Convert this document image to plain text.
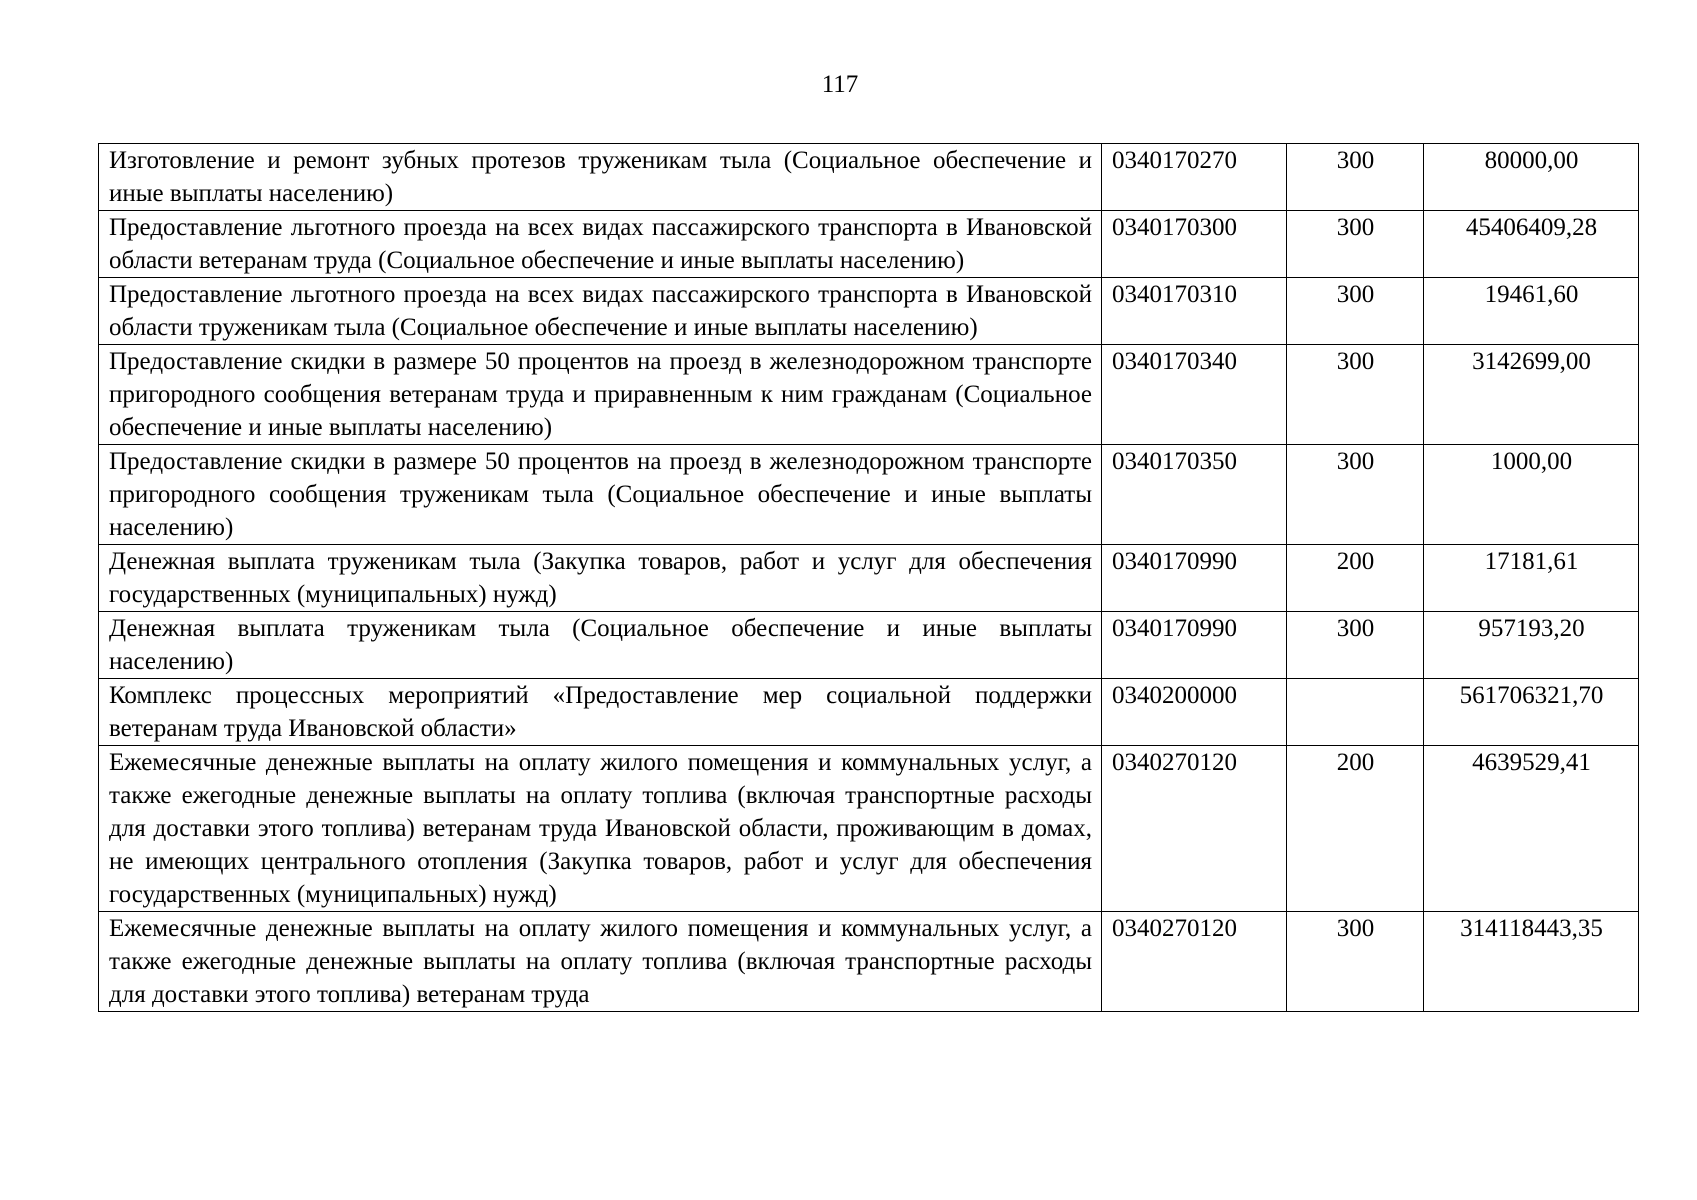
117
Изготовление и ремонт зубных протезов труженикам тыла (Социальное обеспечение и иные выплаты населению)	0340170270	300	80000,00
Предоставление льготного проезда на всех видах пассажирского транспорта в Ивановской области ветеранам труда (Социальное обеспечение и иные выплаты населению)	0340170300	300	45406409,28
Предоставление льготного проезда на всех видах пассажирского транспорта в Ивановской области труженикам тыла (Социальное обеспечение и иные выплаты населению)	0340170310	300	19461,60
Предоставление скидки в размере 50 процентов на проезд в железнодорожном транспорте пригородного сообщения ветеранам труда и приравненным к ним гражданам (Социальное обеспечение и иные выплаты населению)	0340170340	300	3142699,00
Предоставление скидки в размере 50 процентов на проезд в железнодорожном транспорте пригородного сообщения труженикам тыла (Социальное обеспечение и иные выплаты населению)	0340170350	300	1000,00
Денежная выплата труженикам тыла (Закупка товаров, работ и услуг для обеспечения государственных (муниципальных) нужд)	0340170990	200	17181,61
Денежная выплата труженикам тыла (Социальное обеспечение и иные выплаты населению)	0340170990	300	957193,20
Комплекс процессных мероприятий «Предоставление мер социальной поддержки ветеранам труда Ивановской области»	0340200000		561706321,70
Ежемесячные денежные выплаты на оплату жилого помещения и коммунальных услуг, а также ежегодные денежные выплаты на оплату топлива (включая транспортные расходы для доставки этого топлива) ветеранам труда Ивановской области, проживающим в домах, не имеющих центрального отопления (Закупка товаров, работ и услуг для обеспечения государственных (муниципальных) нужд)	0340270120	200	4639529,41
Ежемесячные денежные выплаты на оплату жилого помещения и коммунальных услуг, а также ежегодные денежные выплаты на оплату топлива (включая транспортные расходы для доставки этого топлива) ветеранам труда	0340270120	300	314118443,35
